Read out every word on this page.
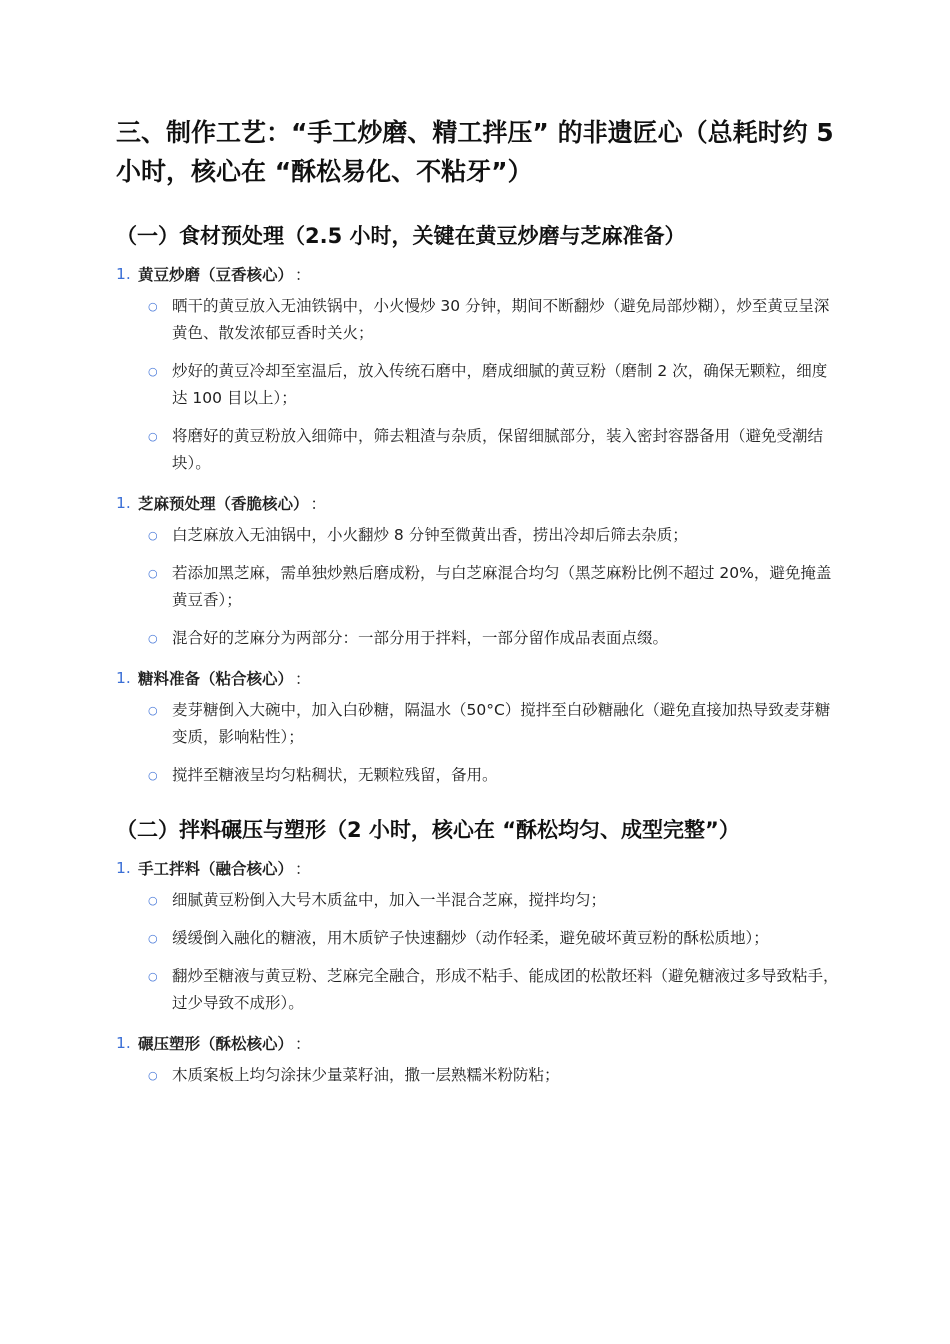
三、制作工艺：“手工炒磨、精工拌压” 的非遗匠心（总耗时约 5 小时，核心在 “酥松易化、不粘牙”）
（一）食材预处理（2.5 小时，关键在黄豆炒磨与芝麻准备）
1. 黄豆炒磨（豆香核心） ：
○ 晒干的黄豆放入无油铁锅中，小火慢炒 30 分钟，期间不断翻炒（避免局部炒糊），炒至黄豆呈深黄色、散发浓郁豆香时关火；
○ 炒好的黄豆冷却至室温后，放入传统石磨中，磨成细腻的黄豆粉（磨制 2 次，确保无颗粒，细度达 100 目以上）；
○ 将磨好的黄豆粉放入细筛中，筛去粗渣与杂质，保留细腻部分，装入密封容器备用（避免受潮结块）。
1. 芝麻预处理（香脆核心） ：
○ 白芝麻放入无油锅中，小火翻炒 8 分钟至微黄出香，捞出冷却后筛去杂质；
○ 若添加黑芝麻，需单独炒熟后磨成粉，与白芝麻混合均匀（黑芝麻粉比例不超过 20%，避免掩盖黄豆香）；
○ 混合好的芝麻分为两部分：一部分用于拌料，一部分留作成品表面点缀。
1. 糖料准备（粘合核心） ：
○ 麦芽糖倒入大碗中，加入白砂糖，隔温水（50°C）搅拌至白砂糖融化（避免直接加热导致麦芽糖变质，影响粘性）；
○ 搅拌至糖液呈均匀粘稠状，无颗粒残留，备用。
（二）拌料碾压与塑形（2 小时，核心在 “酥松均匀、成型完整”）
1. 手工拌料（融合核心） ：
○ 细腻黄豆粉倒入大号木质盆中，加入一半混合芝麻，搅拌均匀；
○ 缓缓倒入融化的糖液，用木质铲子快速翻炒（动作轻柔，避免破坏黄豆粉的酥松质地）；
○ 翻炒至糖液与黄豆粉、芝麻完全融合，形成不粘手、能成团的松散坯料（避免糖液过多导致粘手，过少导致不成形）。
1. 碾压塑形（酥松核心） ：
○ 木质案板上均匀涂抹少量菜籽油，撒一层熟糯米粉防粘；
